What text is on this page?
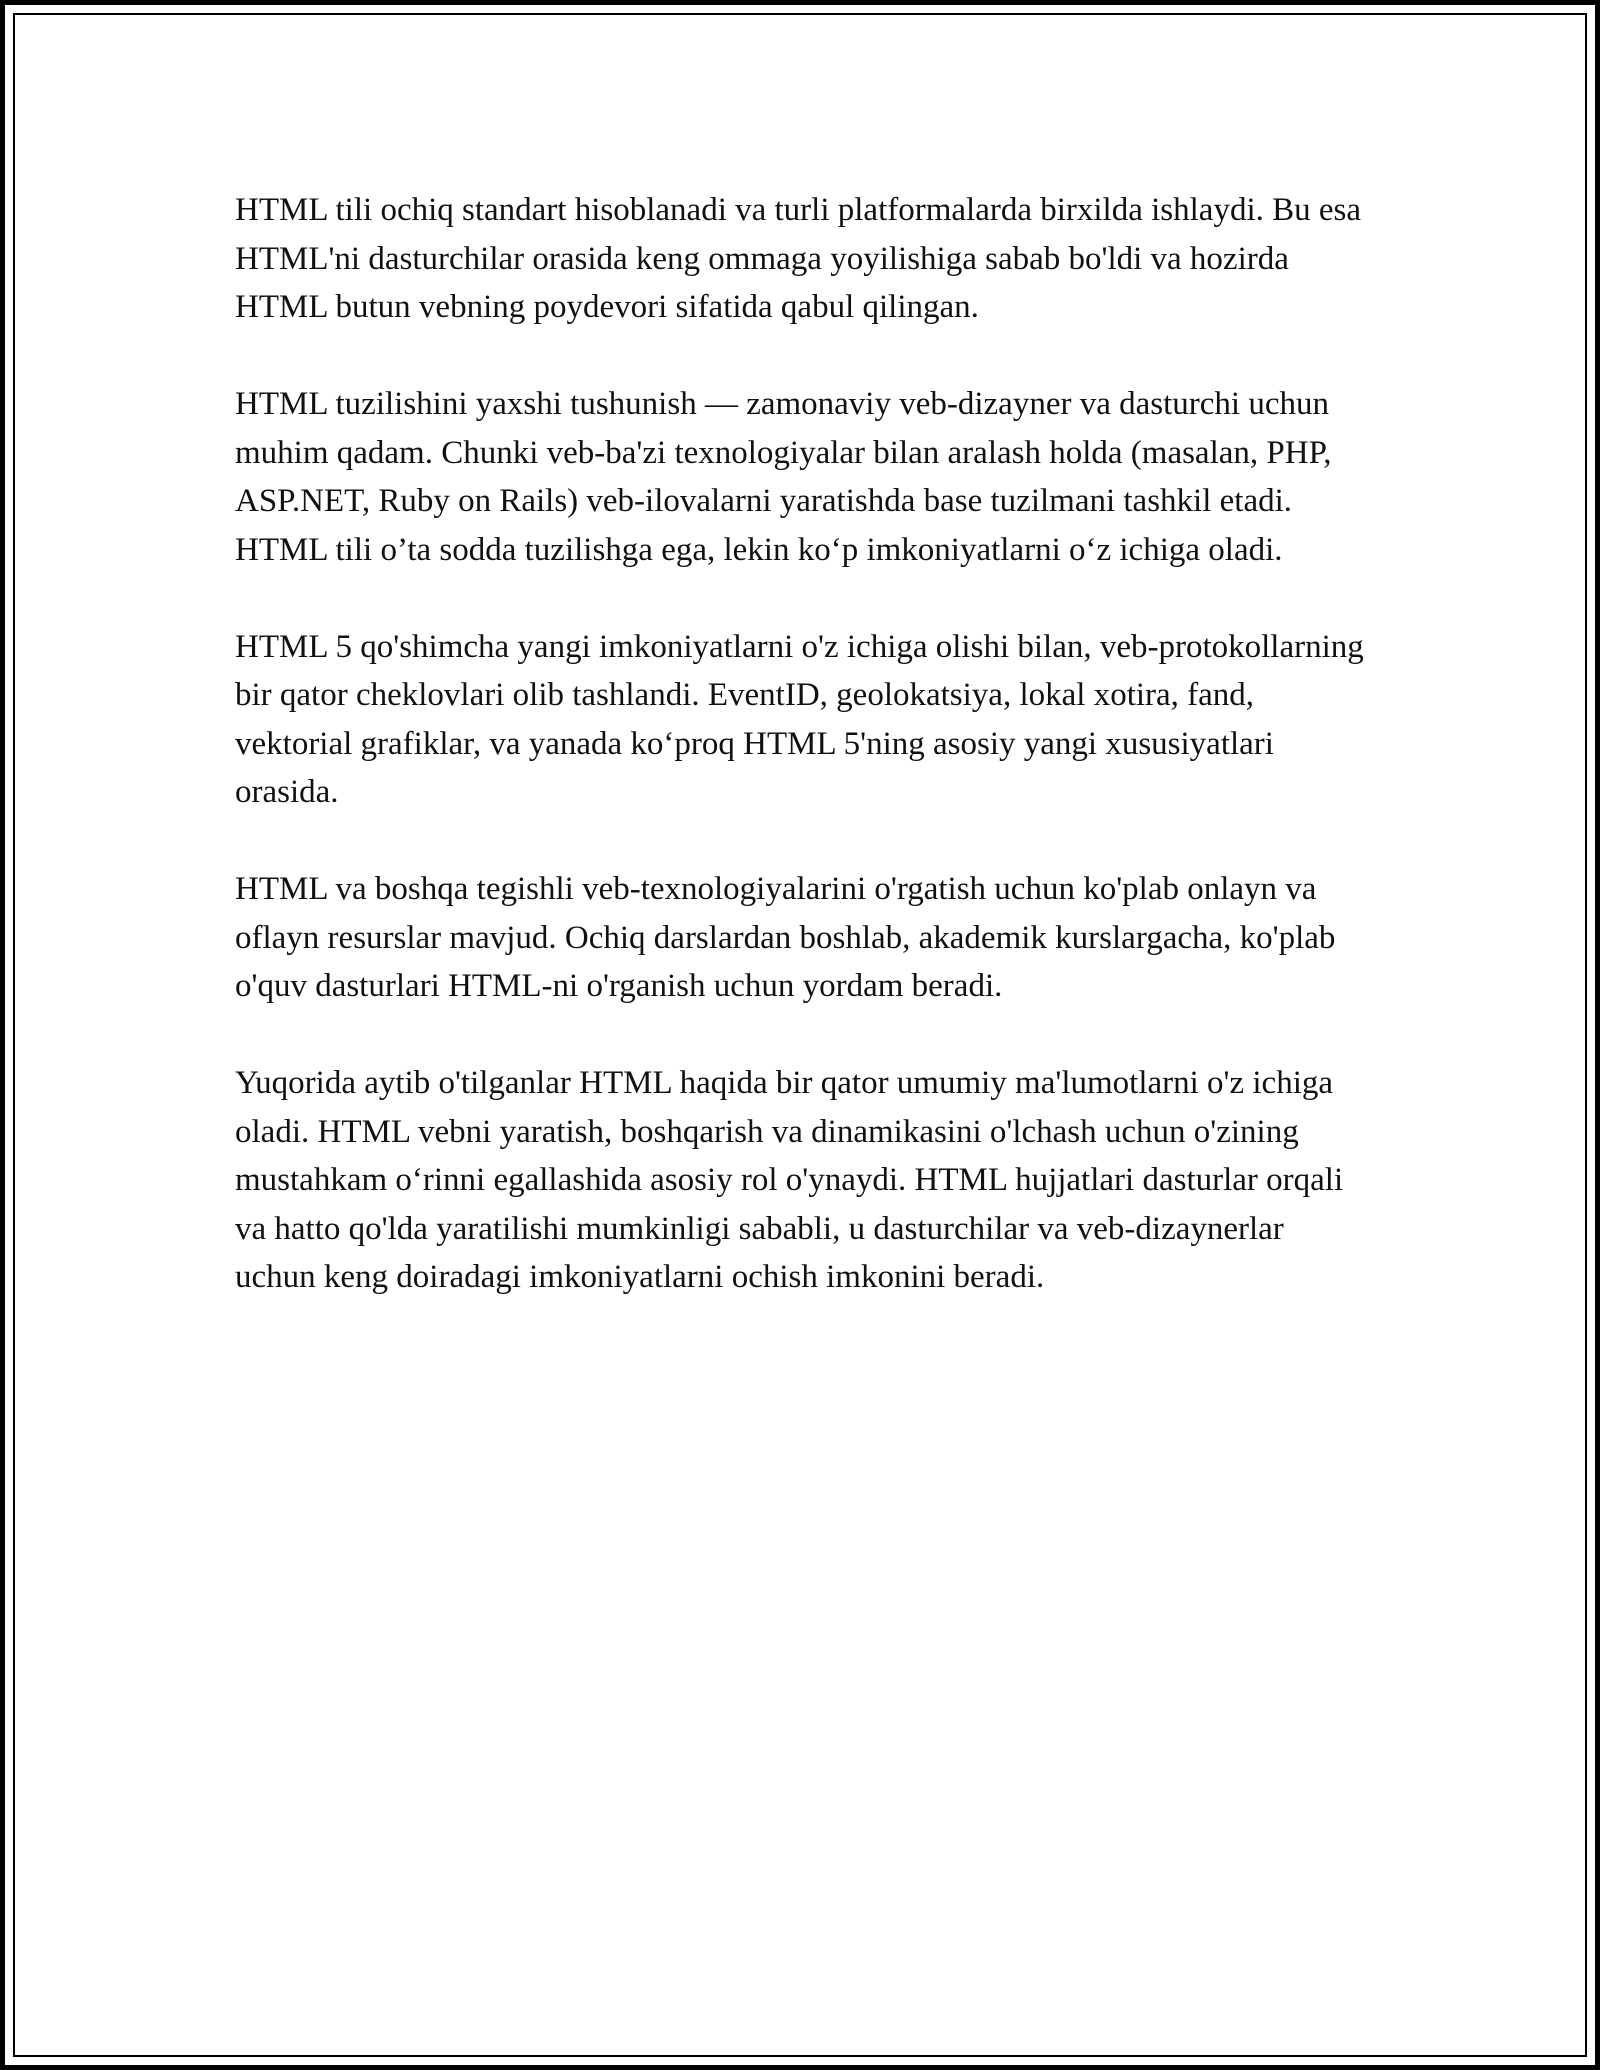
HTML tili ochiq standart hisoblanadi va turli platformalarda birxilda ishlaydi. Bu esa HTML'ni dasturchilar orasida keng ommaga yoyilishiga sabab bo'ldi va hozirda HTML butun vebning poydevori sifatida qabul qilingan.

HTML tuzilishini yaxshi tushunish — zamonaviy veb-dizayner va dasturchi uchun muhim qadam. Chunki veb-ba'zi texnologiyalar bilan aralash holda (masalan, PHP, ASP.NET, Ruby on Rails) veb-ilovalarni yaratishda base tuzilmani tashkil etadi. HTML tili o’ta sodda tuzilishga ega, lekin ko‘p imkoniyatlarni o‘z ichiga oladi.

HTML 5 qo'shimcha yangi imkoniyatlarni o'z ichiga olishi bilan, veb-protokollarning bir qator cheklovlari olib tashlandi. EventID, geolokatsiya, lokal xotira, fand, vektorial grafiklar, va yanada ko‘proq HTML 5'ning asosiy yangi xususiyatlari orasida.

HTML va boshqa tegishli veb-texnologiyalarini o'rgatish uchun ko'plab onlayn va oflayn resurslar mavjud. Ochiq darslardan boshlab, akademik kurslargacha, ko'plab o'quv dasturlari HTML-ni o'rganish uchun yordam beradi.

Yuqorida aytib o'tilganlar HTML haqida bir qator umumiy ma'lumotlarni o'z ichiga oladi. HTML vebni yaratish, boshqarish va dinamikasini o'lchash uchun o'zining mustahkam o‘rinni egallashida asosiy rol o'ynaydi. HTML hujjatlari dasturlar orqali va hatto qo'lda yaratilishi mumkinligi sababli, u dasturchilar va veb-dizaynerlar uchun keng doiradagi imkoniyatlarni ochish imkonini beradi.
